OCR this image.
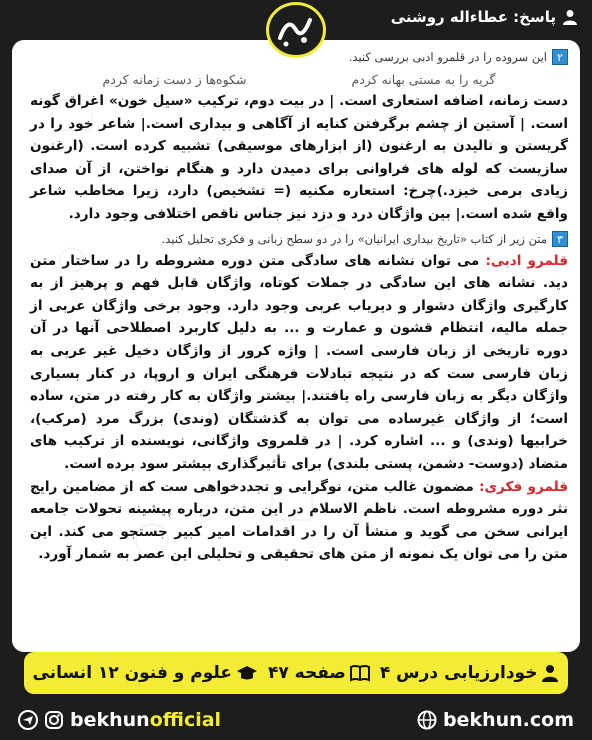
پاسخ: عطاءاله روشنی
۲
این سروده را در قلمرو ادبی بررسی کنید.
گریه را به مستی بهانه کردم
شکوه‌ها ز دست زمانه کردم

دست زمانه، اضافه استعاری است. | در بیت دوم، ترکیب «سیل خون» اغراق گونه است. | آستین از چشم برگرفتن کنایه از آگاهی و بیداری است.| شاعر خود را در گریستن و نالیدن به ارغنون (از ابزارهای موسیقی) تشبیه کرده است. (ارغنون سازیست که لوله های فراوانی برای دمیدن دارد و هنگام نواختن، از آن صدای زیادی برمی خیزد.)چرخ: استعاره مکنیه (= تشخیص) دارد، زیرا مخاطب شاعر واقع شده است.| بین واژگان درد و دزد نیز جناس ناقص اختلافی وجود دارد.

۳
متن زیر از کتاب «تاریخ بیداری ایرانیان» را در دو سطح زبانی و فکری تحلیل کنید.

قلمرو ادبی: می توان نشانه های سادگی متن دوره مشروطه را در ساختار متن دید. نشانه های این سادگی در جملات کوتاه، واژگان قابل فهم و پرهیز از به کارگیری واژگان دشوار و دیریاب عربی وجود دارد. وجود برخی واژگان عربی از جمله مالیه، انتظام قشون و عمارت و ... به دلیل کاربرد اصطلاحی آنها در آن دوره تاریخی از زبان فارسی است. | واژه کرور از واژگان دخیل غیر عربی به زبان فارسی ست که در نتیجه تبادلات فرهنگی ایران و اروپا، در کنار بسیاری واژگان دیگر به زبان فارسی راه یافتند.| بیشتر واژگان به کار رفته در متن، ساده است؛ از واژگان غیرساده می توان به گذشتگان (وندی) بزرگ مرد (مرکب)، خرابیها (وندی) و ... اشاره کرد. | در قلمروی واژگانی، نویسنده از ترکیب های متضاد (دوست- دشمن، پستی بلندی) برای تأثیرگذاری بیشتر سود برده است.

قلمرو فکری: مضمون غالب متن، نوگرایی و تجددخواهی ست که از مضامین رایج نثر دوره مشروطه است. ناظم الاسلام در این متن، درباره پیشینه تحولات جامعه ایرانی سخن می گوید و منشأ آن را در اقدامات امیر کبیر جستجو می کند. این متن را می توان یک نمونه از متن های تحقیقی و تحلیلی این عصر به شمار آورد.

خودارزیابی درس ۴
صفحه ۴۷
علوم و فنون ۱۲ انسانی
bekhun official	bekhun.com
